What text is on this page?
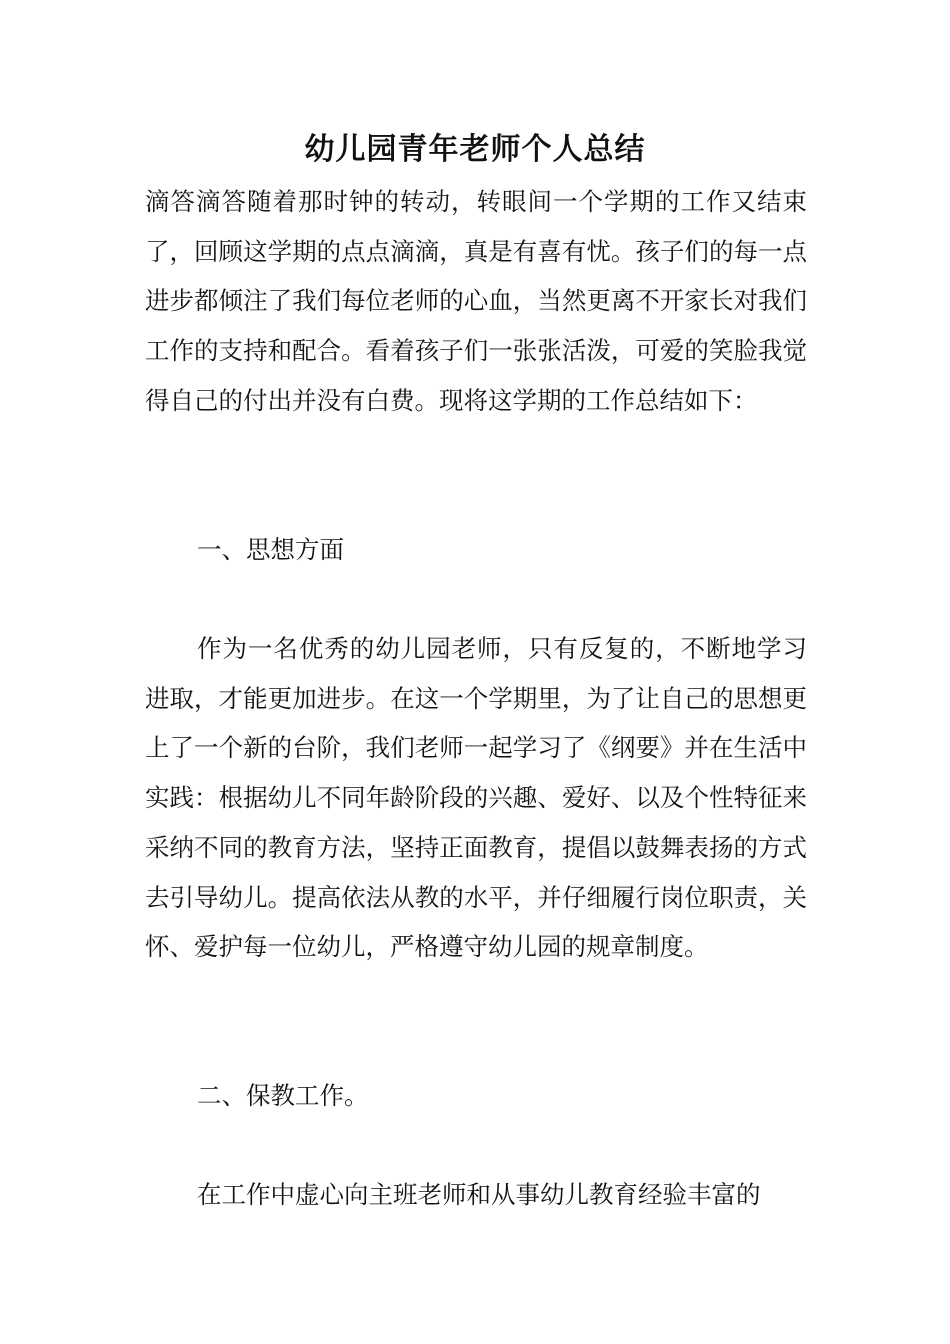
幼儿园青年老师个人总结

滴答滴答随着那时钟的转动，转眼间一个学期的工作又结束了，回顾这学期的点点滴滴，真是有喜有忧。孩子们的每一点进步都倾注了我们每位老师的心血，当然更离不开家长对我们工作的支持和配合。看着孩子们一张张活泼，可爱的笑脸我觉得自己的付出并没有白费。现将这学期的工作总结如下：

一、思想方面

作为一名优秀的幼儿园老师，只有反复的，不断地学习进取，才能更加进步。在这一个学期里，为了让自己的思想更上了一个新的台阶，我们老师一起学习了《纲要》并在生活中实践：根据幼儿不同年龄阶段的兴趣、爱好、以及个性特征来采纳不同的教育方法，坚持正面教育，提倡以鼓舞表扬的方式去引导幼儿。提高依法从教的水平，并仔细履行岗位职责，关怀、爱护每一位幼儿，严格遵守幼儿园的规章制度。

二、保教工作。

在工作中虚心向主班老师和从事幼儿教育经验丰富的
